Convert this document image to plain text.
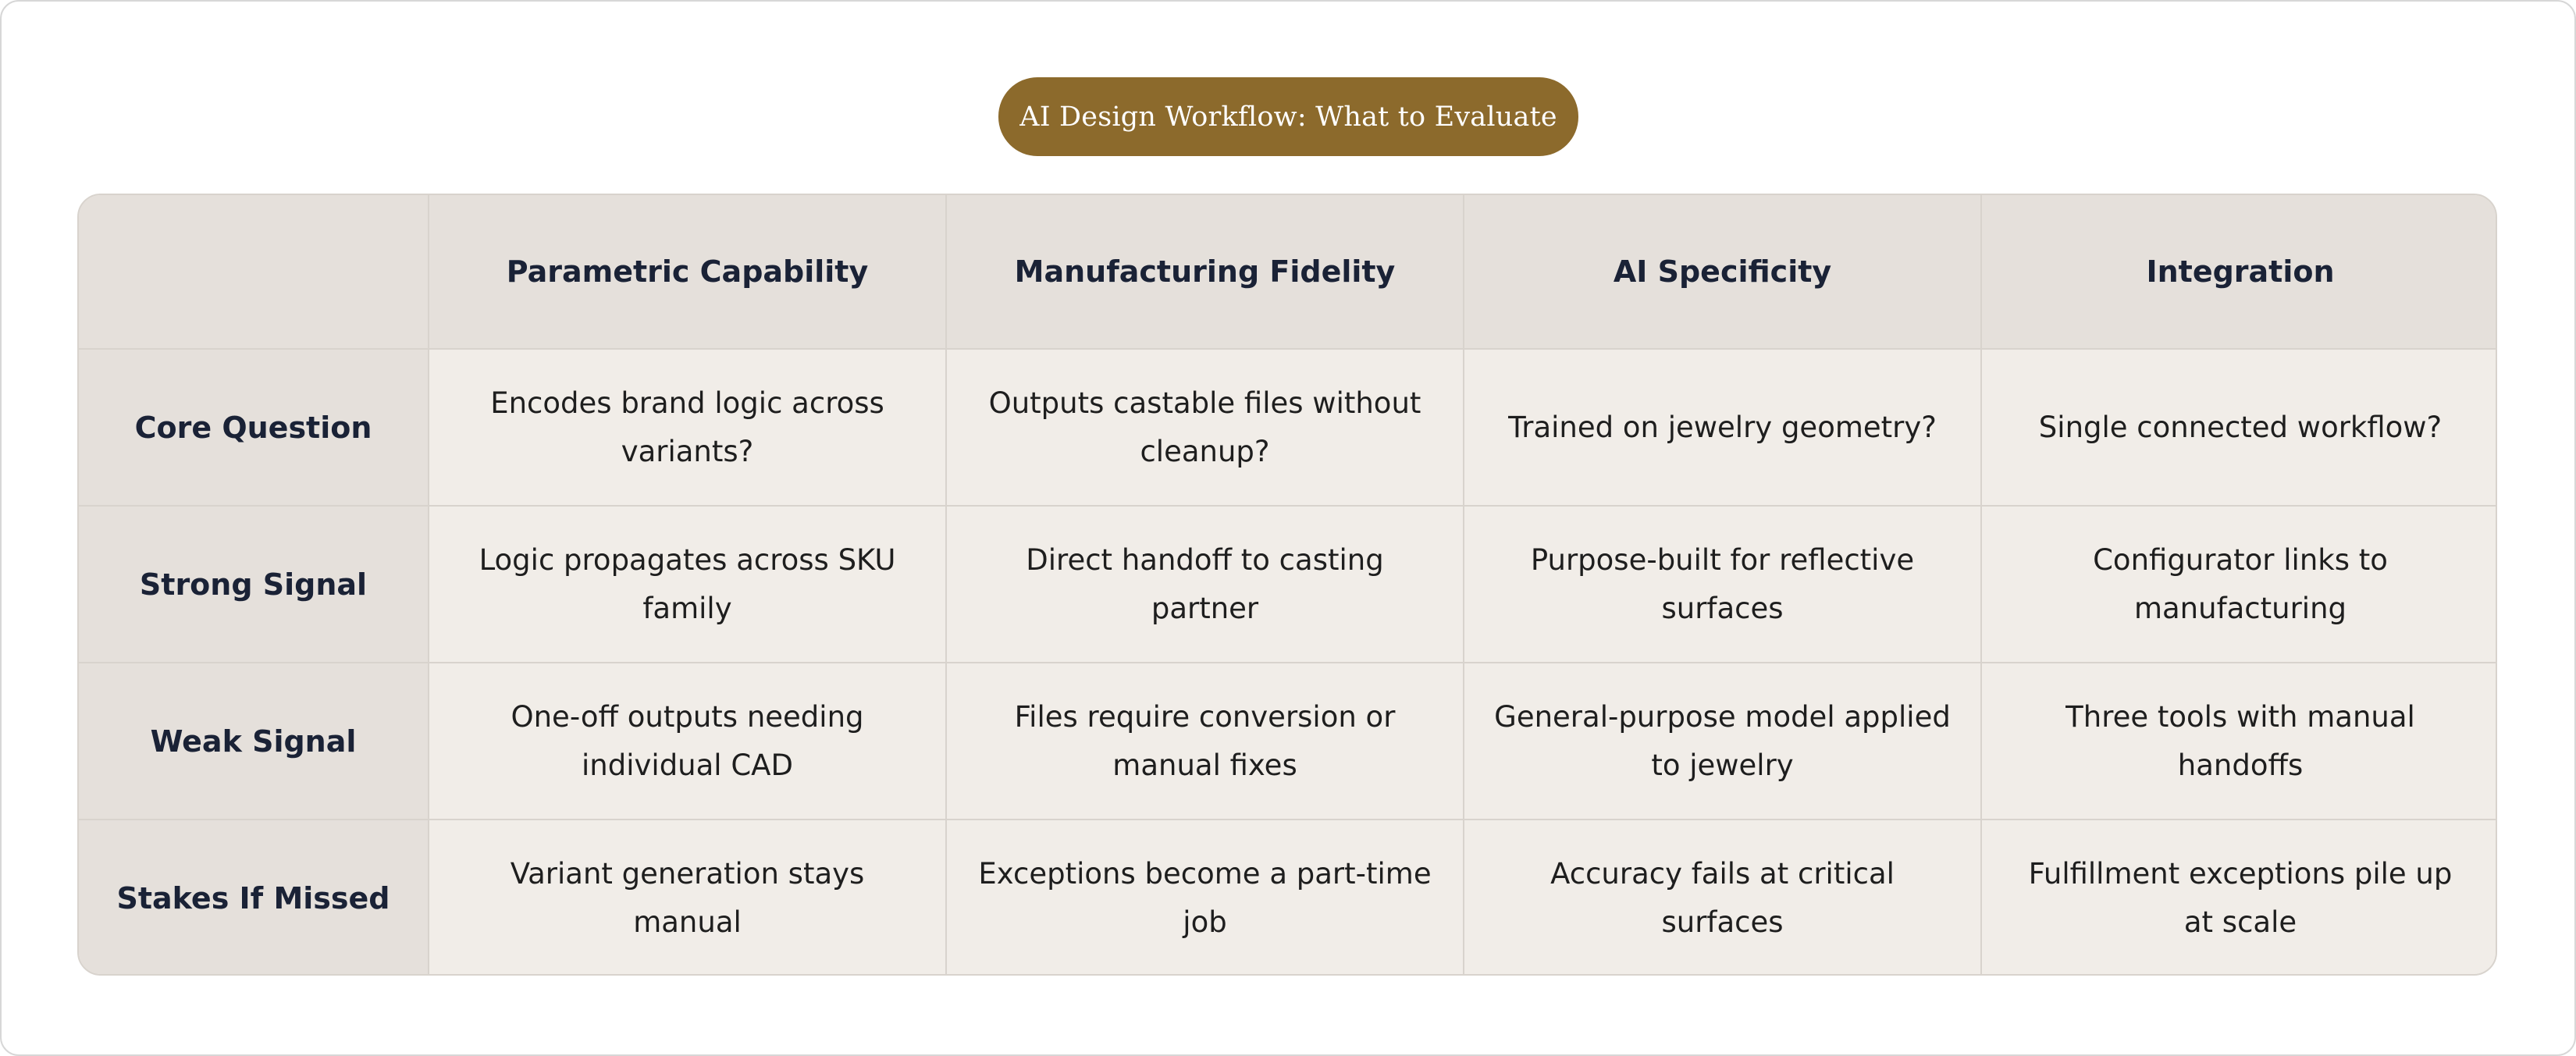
AI Design Workflow: What to Evaluate
	Parametric Capability	Manufacturing Fidelity	AI Specificity	Integration
Core Question	Encodes brand logic across variants?	Outputs castable files without cleanup?	Trained on jewelry geometry?	Single connected workflow?
Strong Signal	Logic propagates across SKU family	Direct handoff to casting partner	Purpose-built for reflective surfaces	Configurator links to manufacturing
Weak Signal	One-off outputs needing individual CAD	Files require conversion or manual fixes	General-purpose model applied to jewelry	Three tools with manual handoffs
Stakes If Missed	Variant generation stays manual	Exceptions become a part-time job	Accuracy fails at critical surfaces	Fulfillment exceptions pile up at scale
